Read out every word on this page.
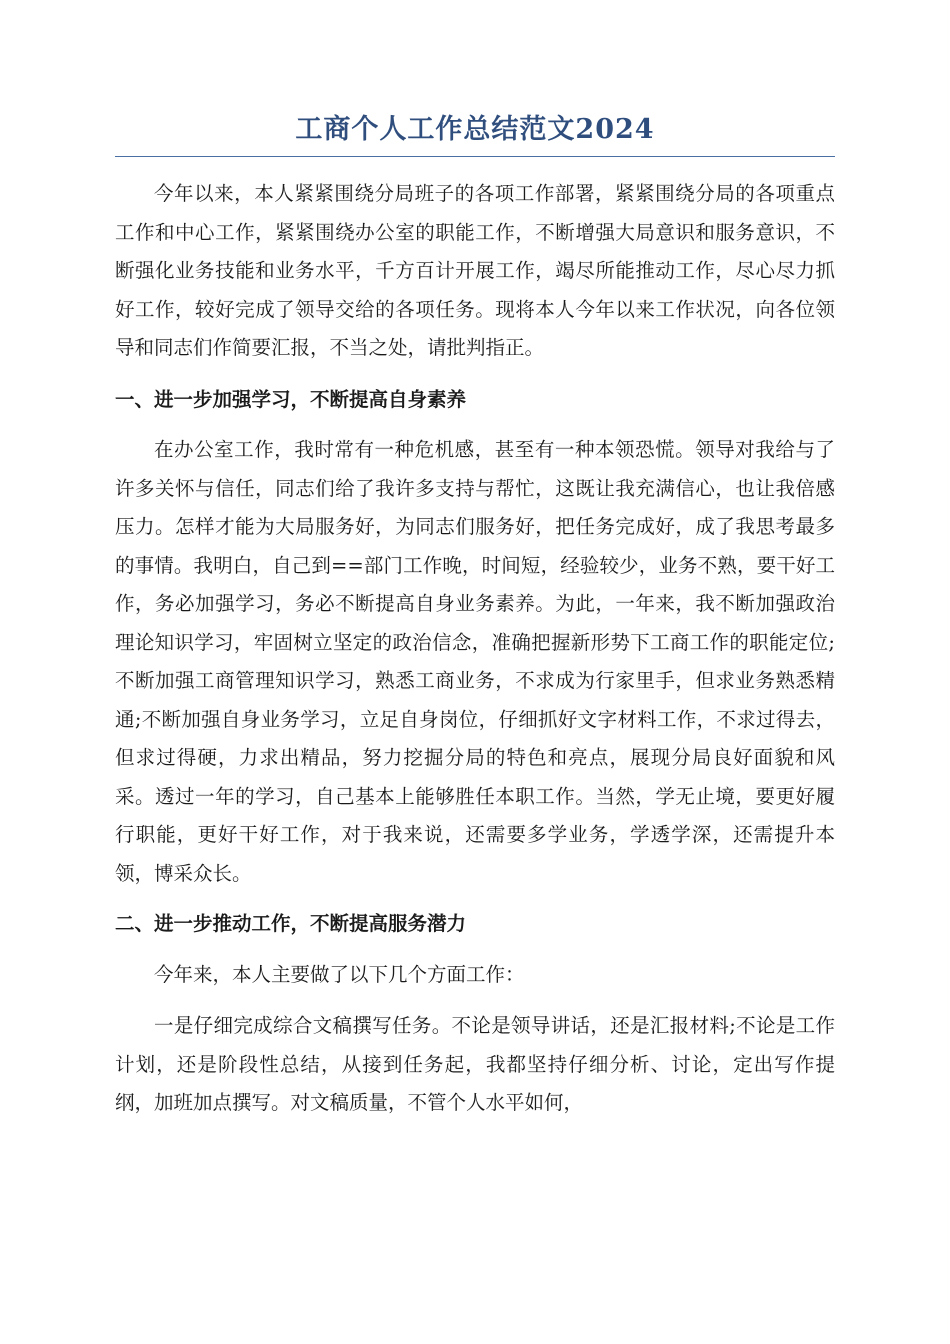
工商个人工作总结范文2024

今年以来，本人紧紧围绕分局班子的各项工作部署，紧紧围绕分局的各项重点工作和中心工作，紧紧围绕办公室的职能工作，不断增强大局意识和服务意识，不断强化业务技能和业务水平，千方百计开展工作，竭尽所能推动工作，尽心尽力抓好工作，较好完成了领导交给的各项任务。现将本人今年以来工作状况，向各位领导和同志们作简要汇报，不当之处，请批判指正。

一、进一步加强学习，不断提高自身素养

在办公室工作，我时常有一种危机感，甚至有一种本领恐慌。领导对我给与了许多关怀与信任，同志们给了我许多支持与帮忙，这既让我充满信心，也让我倍感压力。怎样才能为大局服务好，为同志们服务好，把任务完成好，成了我思考最多的事情。我明白，自己到==部门工作晚，时间短，经验较少，业务不熟，要干好工作，务必加强学习，务必不断提高自身业务素养。为此，一年来，我不断加强政治理论知识学习，牢固树立坚定的政治信念，准确把握新形势下工商工作的职能定位;不断加强工商管理知识学习，熟悉工商业务，不求成为行家里手，但求业务熟悉精通;不断加强自身业务学习，立足自身岗位，仔细抓好文字材料工作，不求过得去，但求过得硬，力求出精品，努力挖掘分局的特色和亮点，展现分局良好面貌和风采。透过一年的学习，自己基本上能够胜任本职工作。当然，学无止境，要更好履行职能，更好干好工作，对于我来说，还需要多学业务，学透学深，还需提升本领，博采众长。

二、进一步推动工作，不断提高服务潜力

今年来，本人主要做了以下几个方面工作：

一是仔细完成综合文稿撰写任务。不论是领导讲话，还是汇报材料;不论是工作计划，还是阶段性总结，从接到任务起，我都坚持仔细分析、讨论，定出写作提纲，加班加点撰写。对文稿质量，不管个人水平如何，
